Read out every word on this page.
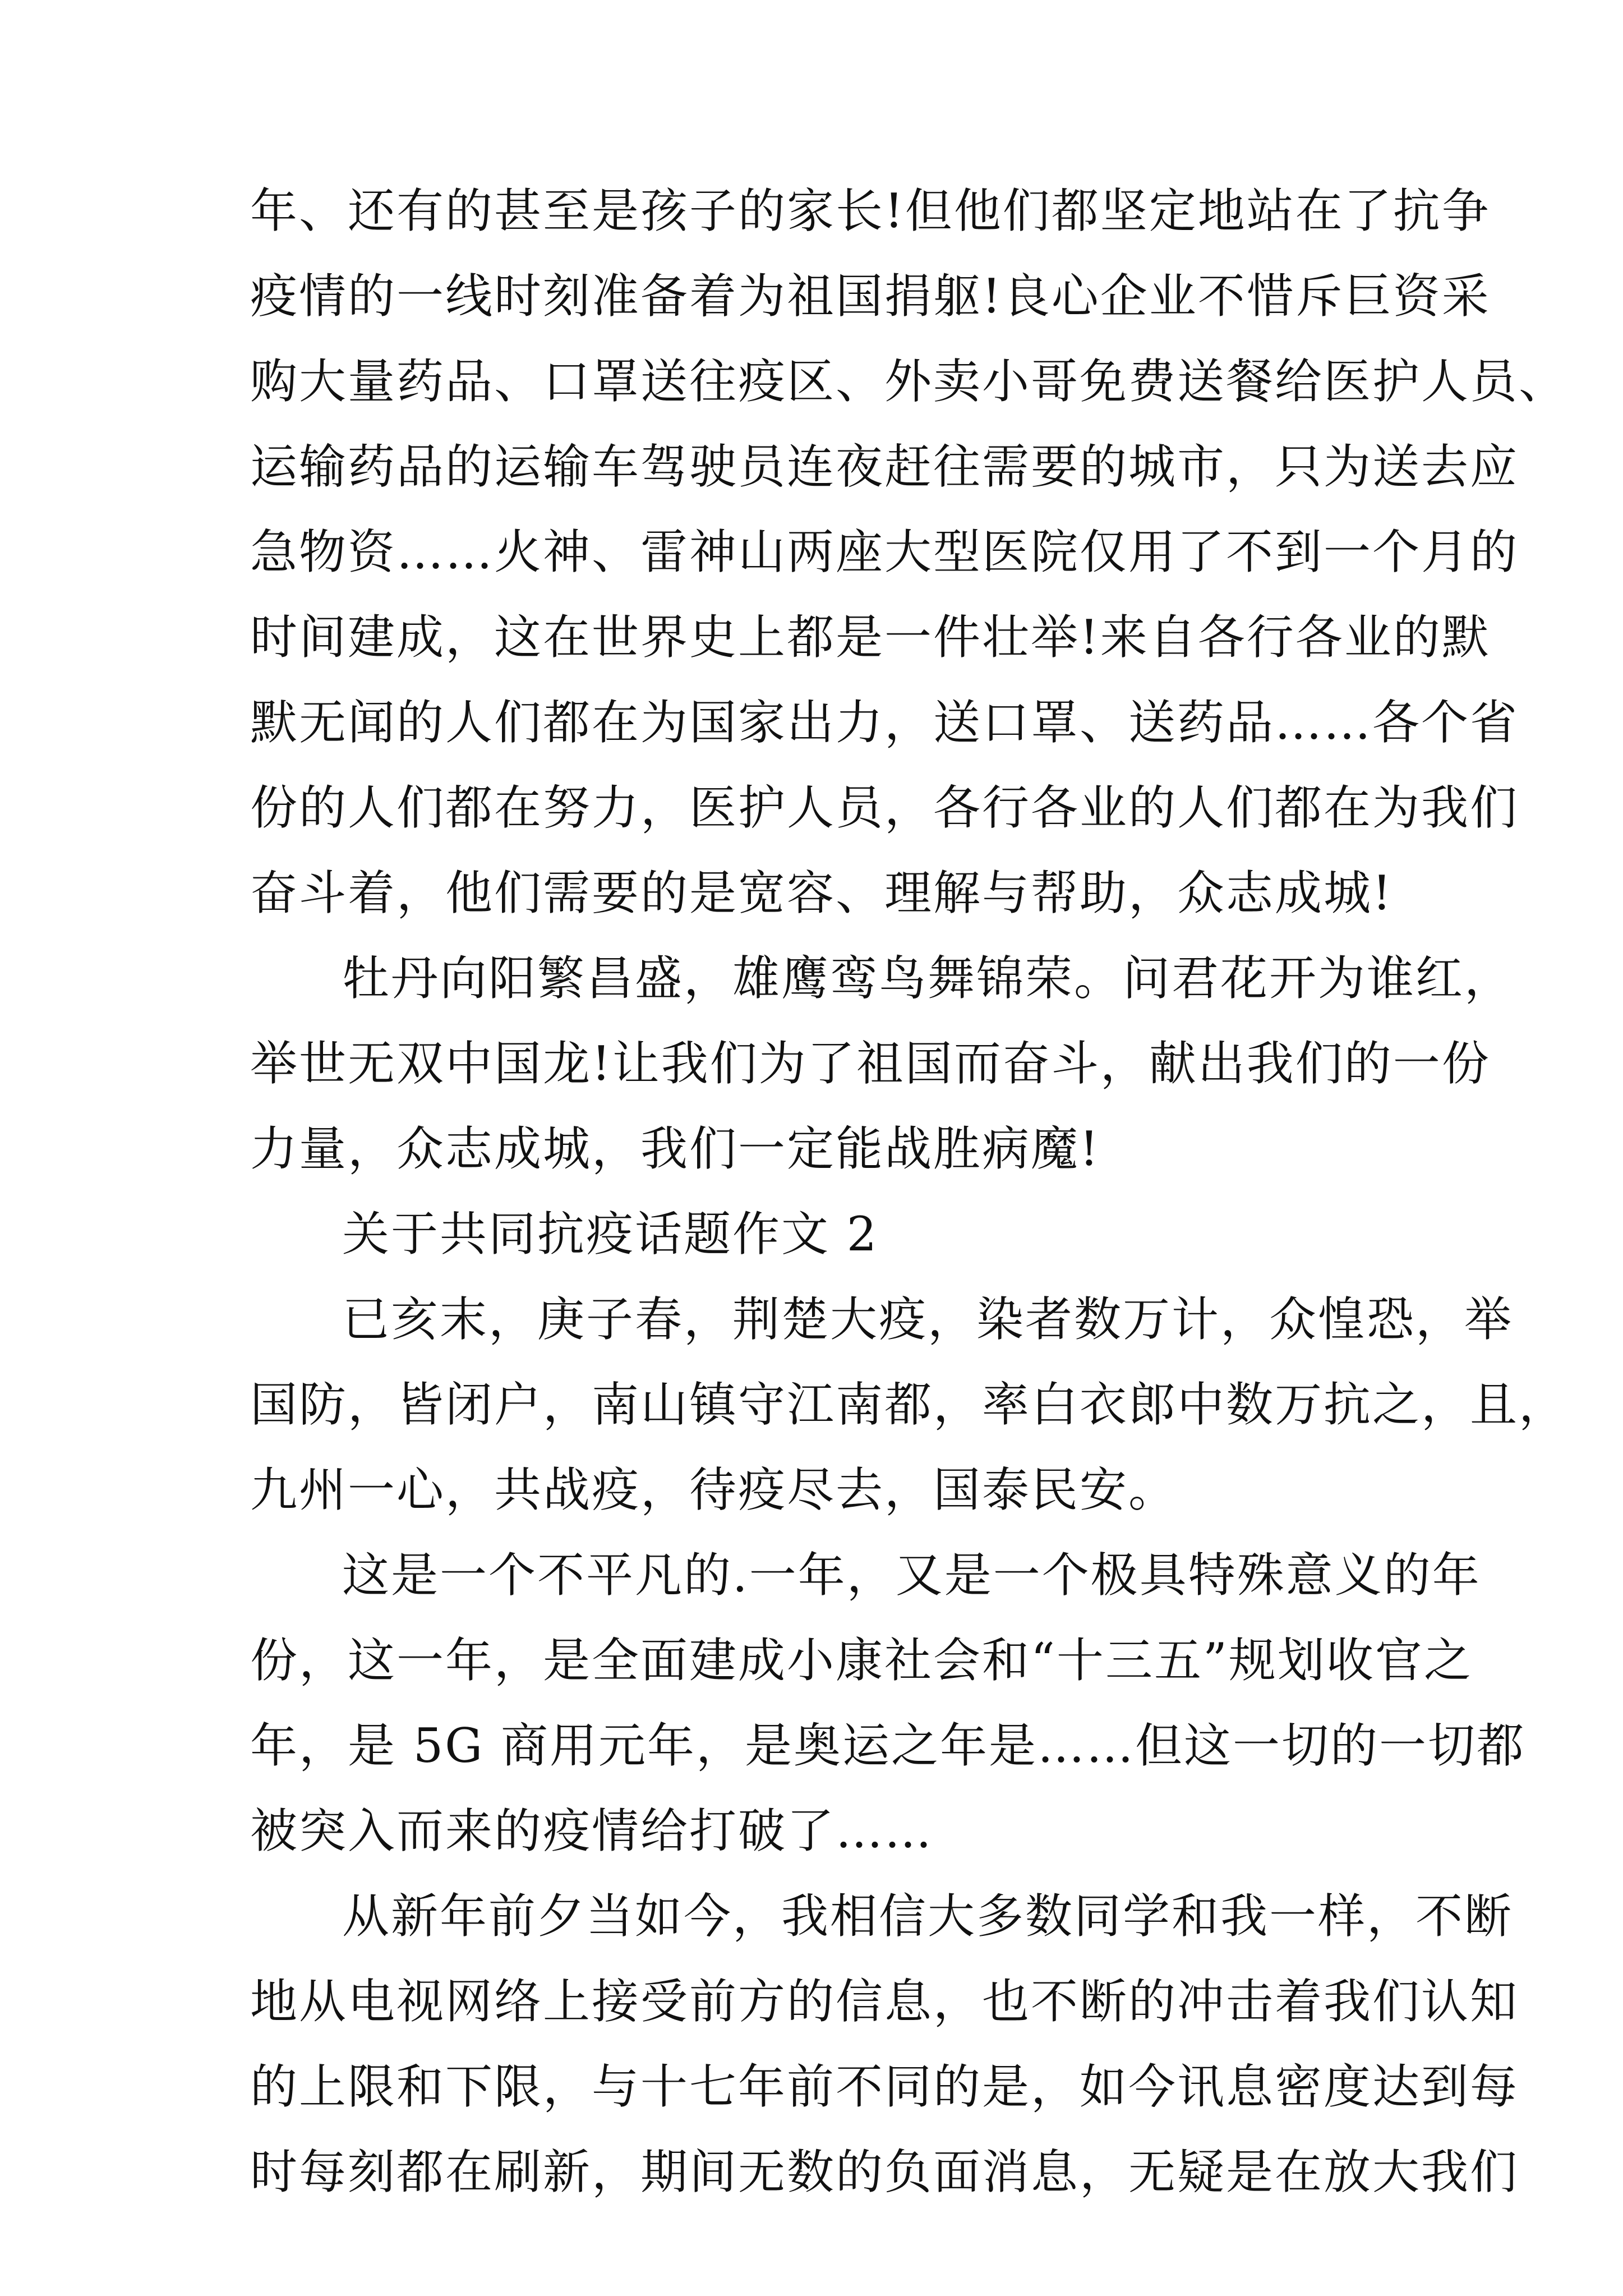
年、还有的甚至是孩子的家长!但他们都坚定地站在了抗争
疫情的一线时刻准备着为祖国捐躯!良心企业不惜斥巨资采
购大量药品、口罩送往疫区、外卖小哥免费送餐给医护人员、
运输药品的运输车驾驶员连夜赶往需要的城市，只为送去应
急物资……火神、雷神山两座大型医院仅用了不到一个月的
时间建成，这在世界史上都是一件壮举!来自各行各业的默
默无闻的人们都在为国家出力，送口罩、送药品……各个省
份的人们都在努力，医护人员，各行各业的人们都在为我们
奋斗着，他们需要的是宽容、理解与帮助，众志成城!
牡丹向阳繁昌盛，雄鹰鸾鸟舞锦荣。问君花开为谁红，
举世无双中国龙!让我们为了祖国而奋斗，献出我们的一份
力量，众志成城，我们一定能战胜病魔!
关于共同抗疫话题作文 2
已亥末，庚子春，荆楚大疫，染者数万计，众惶恐，举
国防，皆闭户，南山镇守江南都，率白衣郎中数万抗之，且，
九州一心，共战疫，待疫尽去，国泰民安。
这是一个不平凡的.一年，又是一个极具特殊意义的年
份，这一年，是全面建成小康社会和“十三五”规划收官之
年，是 5G 商用元年，是奥运之年是……但这一切的一切都
被突入而来的疫情给打破了……
从新年前夕当如今，我相信大多数同学和我一样，不断
地从电视网络上接受前方的信息，也不断的冲击着我们认知
的上限和下限，与十七年前不同的是，如今讯息密度达到每
时每刻都在刷新，期间无数的负面消息，无疑是在放大我们
